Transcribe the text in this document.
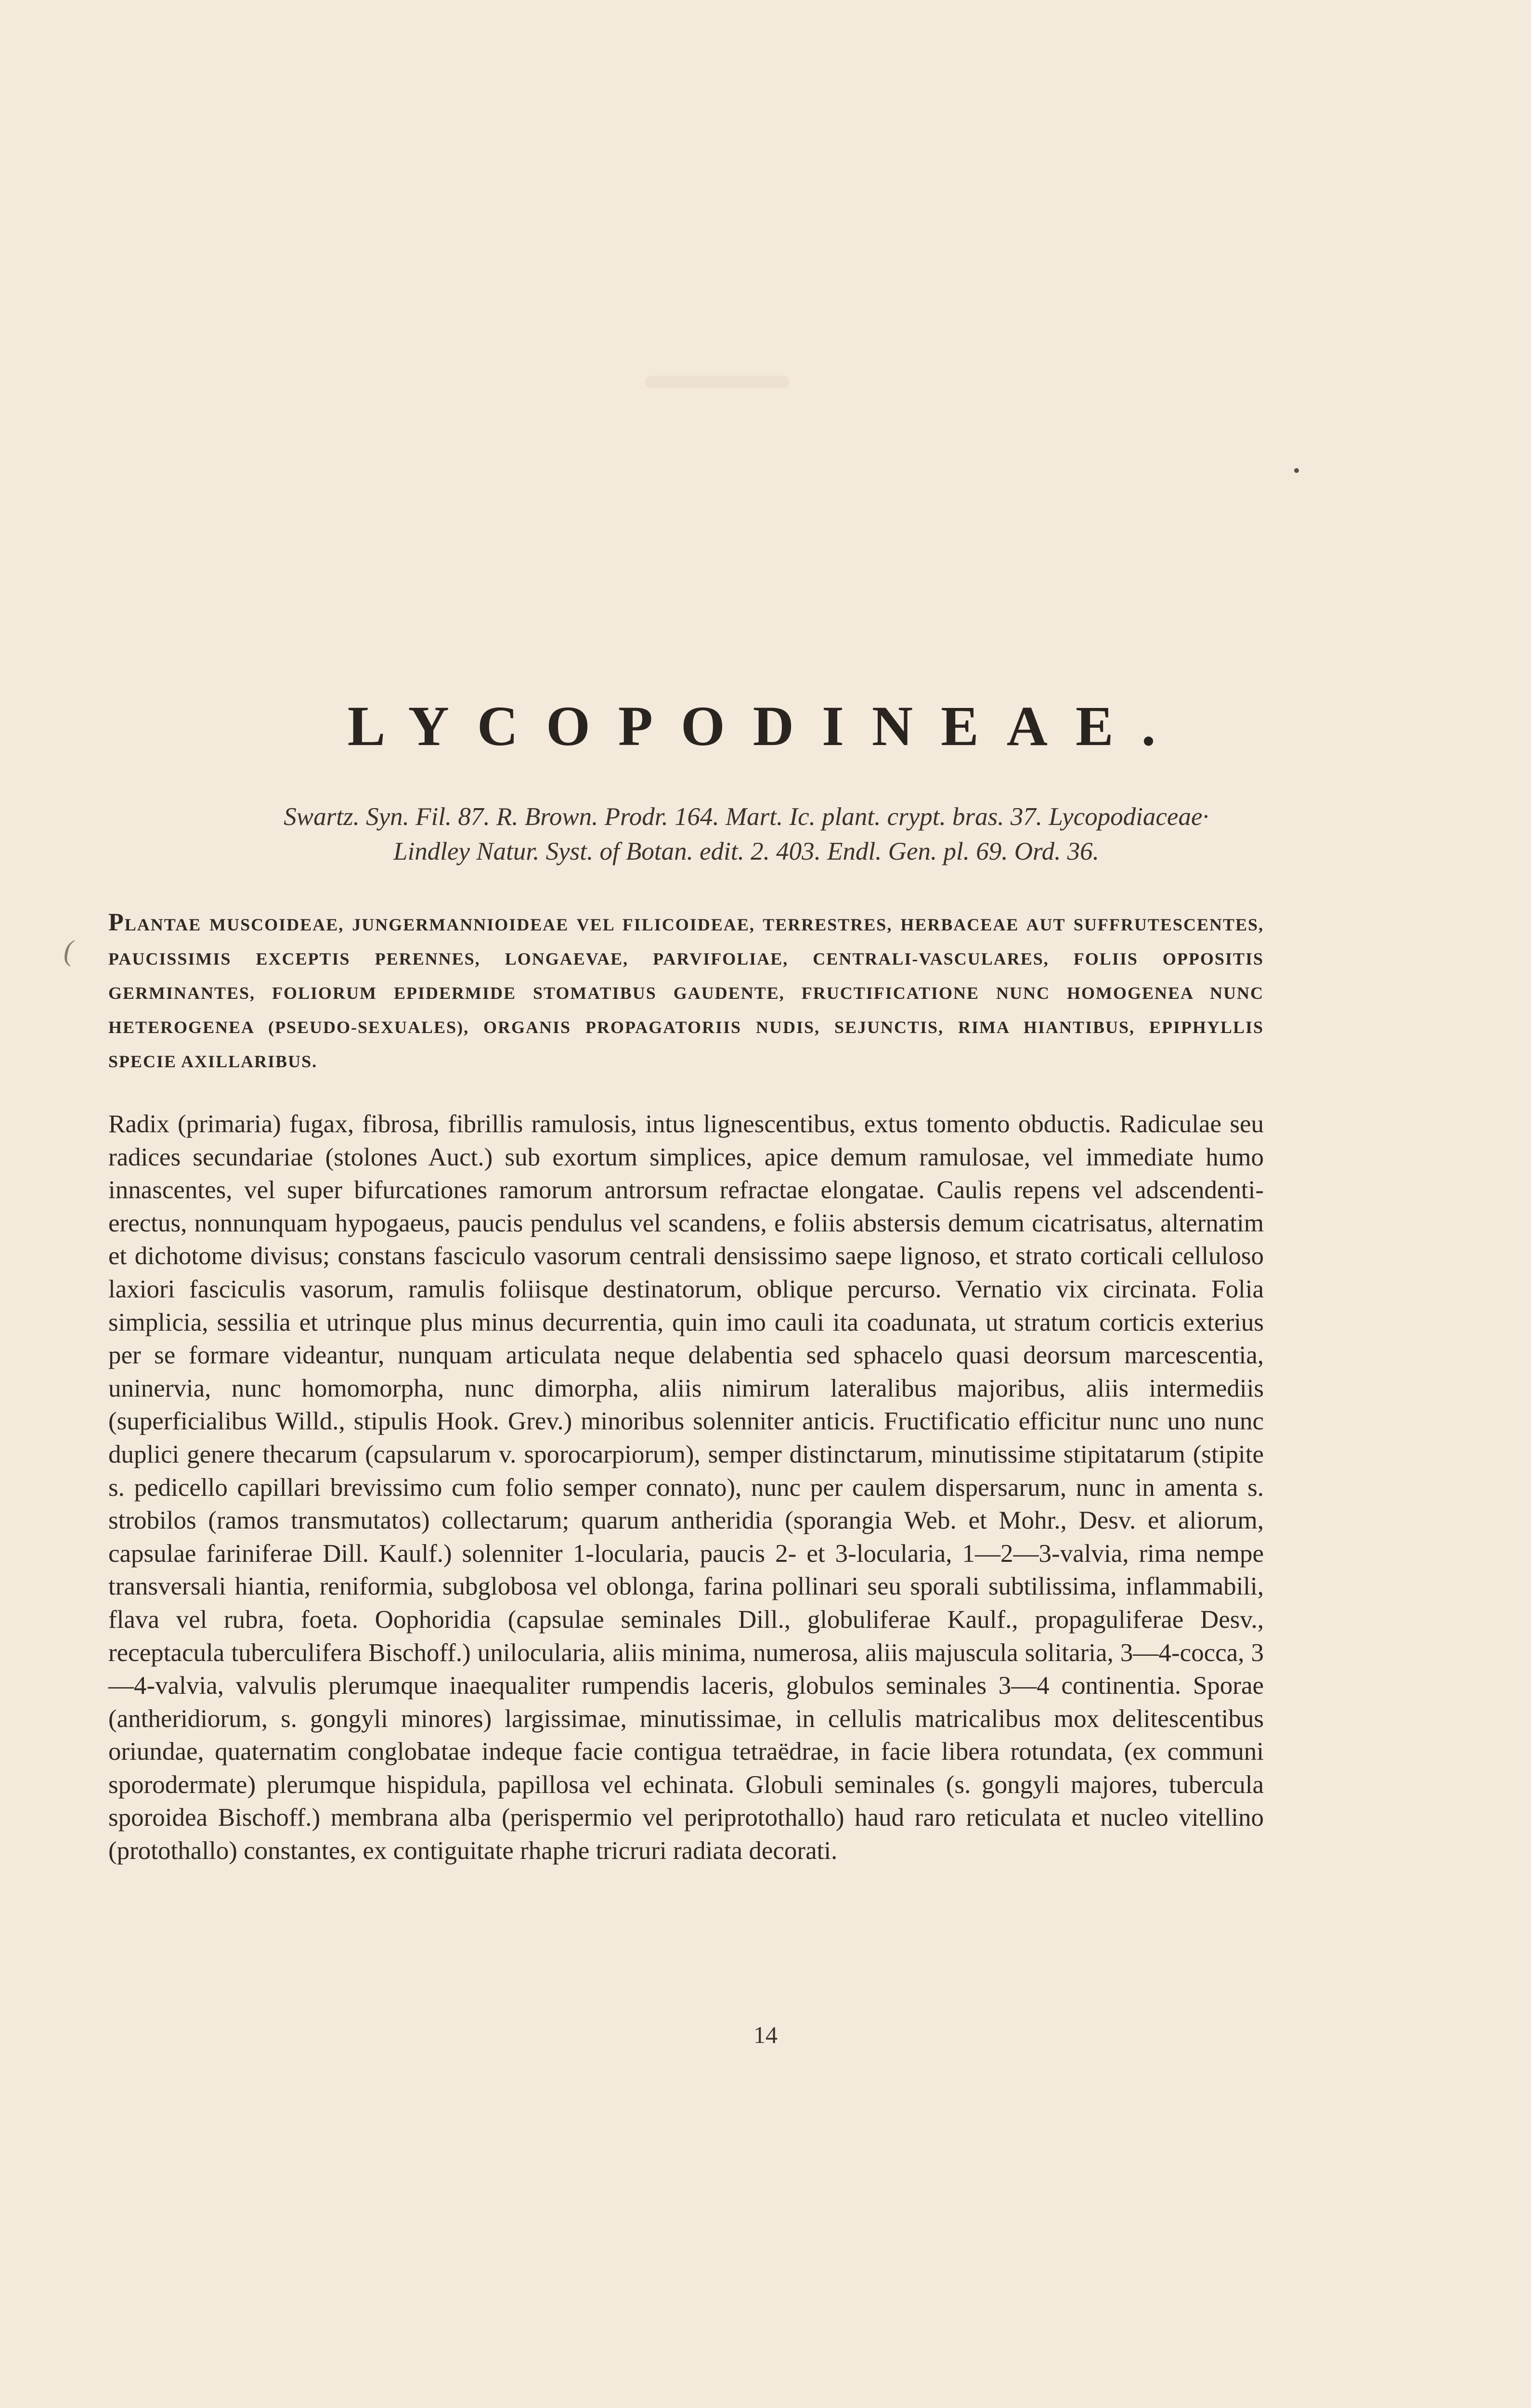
(
LYCOPODINEAE.
Swartz. Syn. Fil. 87. R. Brown. Prodr. 164. Mart. Ic. plant. crypt. bras. 37. Lycopodiaceae·
Lindley Natur. Syst. of Botan. edit. 2. 403. Endl. Gen. pl. 69. Ord. 36.
PLANTAE MUSCOIDEAE, JUNGERMANNIOIDEAE VEL FILICOIDEAE, TERRESTRES, HERBACEAE AUT SUFFRUTESCENTES, PAUCISSIMIS EXCEPTIS PERENNES, LONGAEVAE, PARVIFOLIAE, CENTRALI-VASCULARES, FOLIIS OPPOSITIS GERMINANTES, FOLIORUM EPIDERMIDE STOMATIBUS GAUDENTE, FRUCTIFICATIONE NUNC HOMOGENEA NUNC HETEROGENEA (PSEUDO-SEXUALES), ORGANIS PROPAGATORIIS NUDIS, SEJUNCTIS, RIMA HIANTIBUS, EPIPHYLLIS SPECIE AXILLARIBUS.
Radix (primaria) fugax, fibrosa, fibrillis ramulosis, intus lignescentibus, extus tomento obductis. Radiculae seu radices secundariae (stolones Auct.) sub exortum simplices, apice demum ramulosae, vel immediate humo innascentes, vel super bifurcationes ramorum antrorsum refractae elongatae. Caulis repens vel adscendenti-erectus, nonnunquam hypogaeus, paucis pendulus vel scandens, e foliis abstersis demum cicatrisatus, alternatim et dichotome divisus; constans fasciculo vasorum centrali densissimo saepe lignoso, et strato corticali celluloso laxiori fasciculis vasorum, ramulis foliisque destinatorum, oblique percurso. Vernatio vix circinata. Folia simplicia, sessilia et utrinque plus minus decurrentia, quin imo cauli ita coadunata, ut stratum corticis exterius per se formare videantur, nunquam articulata neque delabentia sed sphacelo quasi deorsum marcescentia, uninervia, nunc homomorpha, nunc dimorpha, aliis nimirum lateralibus majoribus, aliis intermediis (superficialibus Willd., stipulis Hook. Grev.) minoribus solenniter anticis. Fructificatio efficitur nunc uno nunc duplici genere thecarum (capsularum v. sporocarpiorum), semper distinctarum, minutissime stipitatarum (stipite s. pedicello capillari brevissimo cum folio semper connato), nunc per caulem dispersarum, nunc in amenta s. strobilos (ramos transmutatos) collectarum; quarum antheridia (sporangia Web. et Mohr., Desv. et aliorum, capsulae fariniferae Dill. Kaulf.) solenniter 1-locularia, paucis 2- et 3-locularia, 1—2—3-valvia, rima nempe transversali hiantia, reniformia, subglobosa vel oblonga, farina pollinari seu sporali subtilissima, inflammabili, flava vel rubra, foeta. Oophoridia (capsulae seminales Dill., globuliferae Kaulf., propaguliferae Desv., receptacula tuberculifera Bischoff.) unilocularia, aliis minima, numerosa, aliis majuscula solitaria, 3—4-cocca, 3—4-valvia, valvulis plerumque inaequaliter rumpendis laceris, globulos seminales 3—4 continentia. Sporae (antheridiorum, s. gongyli minores) largissimae, minutissimae, in cellulis matricalibus mox delitescentibus oriundae, quaternatim conglobatae indeque facie contigua tetraëdrae, in facie libera rotundata, (ex communi sporodermate) plerumque hispidula, papillosa vel echinata. Globuli seminales (s. gongyli majores, tubercula sporoidea Bischoff.) membrana alba (perispermio vel periprotothallo) haud raro reticulata et nucleo vitellino (protothallo) constantes, ex contiguitate rhaphe tricruri radiata decorati.
14
